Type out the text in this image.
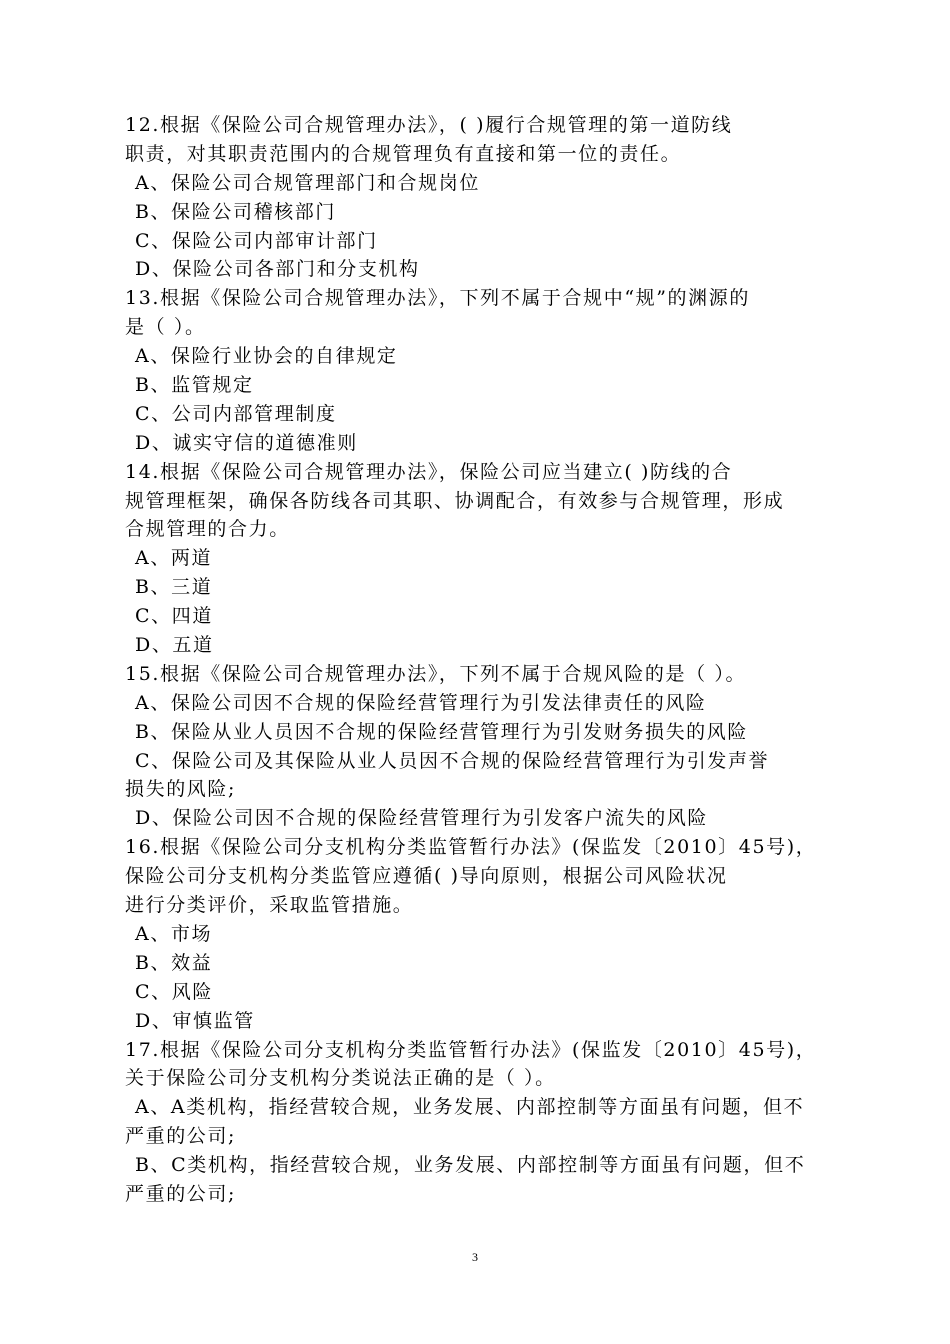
12.根据《保险公司合规管理办法》，( )履行合规管理的第一道防线
职责，对其职责范围内的合规管理负有直接和第一位的责任。
A、保险公司合规管理部门和合规岗位
B、保险公司稽核部门
C、保险公司内部审计部门
D、保险公司各部门和分支机构
13.根据《保险公司合规管理办法》，下列不属于合规中“规”的渊源的
是（ ）。
A、保险行业协会的自律规定
B、监管规定
C、公司内部管理制度
D、诚实守信的道德准则
14.根据《保险公司合规管理办法》，保险公司应当建立( )防线的合
规管理框架，确保各防线各司其职、协调配合，有效参与合规管理，形成
合规管理的合力。
A、两道
B、三道
C、四道
D、五道
15.根据《保险公司合规管理办法》，下列不属于合规风险的是（ ）。
A、保险公司因不合规的保险经营管理行为引发法律责任的风险
B、保险从业人员因不合规的保险经营管理行为引发财务损失的风险
C、保险公司及其保险从业人员因不合规的保险经营管理行为引发声誉
损失的风险;
D、保险公司因不合规的保险经营管理行为引发客户流失的风险
16.根据《保险公司分支机构分类监管暂行办法》(保监发〔2010〕45号)，
保险公司分支机构分类监管应遵循( )导向原则，根据公司风险状况
进行分类评价，采取监管措施。
A、市场
B、效益
C、风险
D、审慎监管
17.根据《保险公司分支机构分类监管暂行办法》(保监发〔2010〕45号)，
关于保险公司分支机构分类说法正确的是（ ）。
A、A类机构，指经营较合规，业务发展、内部控制等方面虽有问题，但不
严重的公司;
B、C类机构，指经营较合规，业务发展、内部控制等方面虽有问题，但不
严重的公司;
3
